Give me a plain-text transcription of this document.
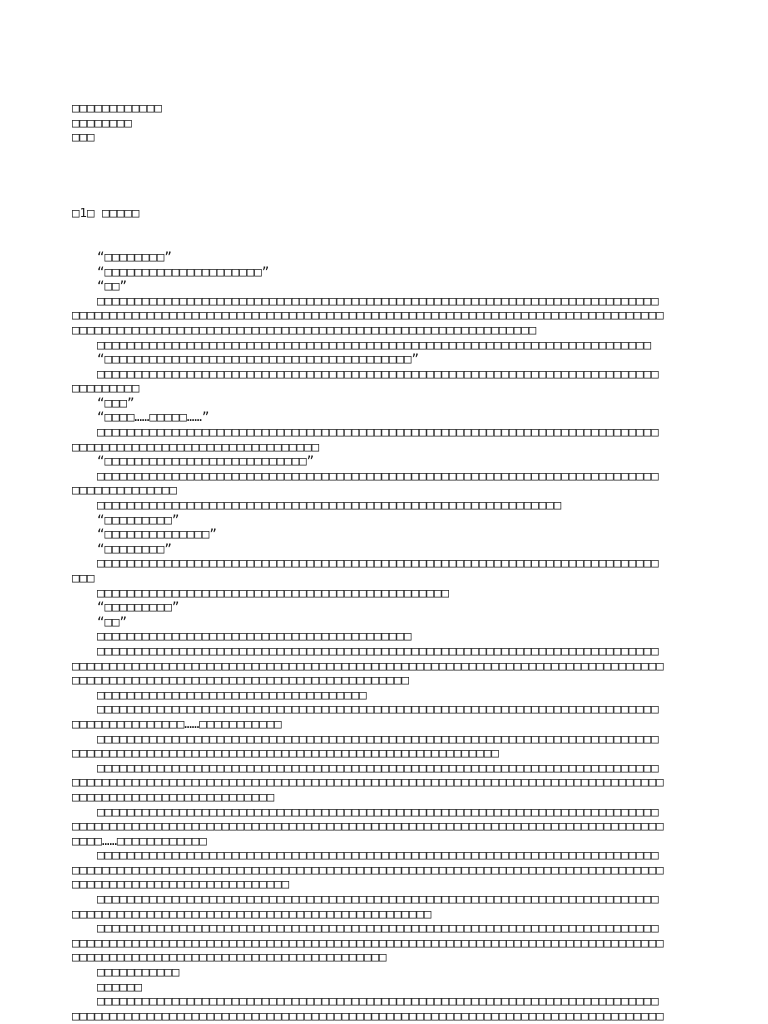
□□□□□□□□□□□□
□□□□□□□□
□□□

□1□ □□□□□

“□□□□□□□□”
“□□□□□□□□□□□□□□□□□□□□□”
“□□”
□□□□□□□□□□□□□□□□□□□□□□□□□□□□□□□□□□□□□□□□□□□□□□□□□□□□□□□□□□□□□□□□□□□□□□□□□□□
□□□□□□□□□□□□□□□□□□□□□□□□□□□□□□□□□□□□□□□□□□□□□□□□□□□□□□□□□□□□□□□□□□□□□□□□□□□□□□□
□□□□□□□□□□□□□□□□□□□□□□□□□□□□□□□□□□□□□□□□□□□□□□□□□□□□□□□□□□□□□□
□□□□□□□□□□□□□□□□□□□□□□□□□□□□□□□□□□□□□□□□□□□□□□□□□□□□□□□□□□□□□□□□□□□□□□□□□□
“□□□□□□□□□□□□□□□□□□□□□□□□□□□□□□□□□□□□□□□□□”
□□□□□□□□□□□□□□□□□□□□□□□□□□□□□□□□□□□□□□□□□□□□□□□□□□□□□□□□□□□□□□□□□□□□□□□□□□□
□□□□□□□□□
“□□□”
“□□□□……□□□□□……”
□□□□□□□□□□□□□□□□□□□□□□□□□□□□□□□□□□□□□□□□□□□□□□□□□□□□□□□□□□□□□□□□□□□□□□□□□□□
□□□□□□□□□□□□□□□□□□□□□□□□□□□□□□□□□
“□□□□□□□□□□□□□□□□□□□□□□□□□□□”
□□□□□□□□□□□□□□□□□□□□□□□□□□□□□□□□□□□□□□□□□□□□□□□□□□□□□□□□□□□□□□□□□□□□□□□□□□□
□□□□□□□□□□□□□□
□□□□□□□□□□□□□□□□□□□□□□□□□□□□□□□□□□□□□□□□□□□□□□□□□□□□□□□□□□□□□□
“□□□□□□□□□”
“□□□□□□□□□□□□□□”
“□□□□□□□□”
□□□□□□□□□□□□□□□□□□□□□□□□□□□□□□□□□□□□□□□□□□□□□□□□□□□□□□□□□□□□□□□□□□□□□□□□□□□
□□□
□□□□□□□□□□□□□□□□□□□□□□□□□□□□□□□□□□□□□□□□□□□□□□□
“□□□□□□□□□”
“□□”
□□□□□□□□□□□□□□□□□□□□□□□□□□□□□□□□□□□□□□□□□□
□□□□□□□□□□□□□□□□□□□□□□□□□□□□□□□□□□□□□□□□□□□□□□□□□□□□□□□□□□□□□□□□□□□□□□□□□□□
□□□□□□□□□□□□□□□□□□□□□□□□□□□□□□□□□□□□□□□□□□□□□□□□□□□□□□□□□□□□□□□□□□□□□□□□□□□□□□□
□□□□□□□□□□□□□□□□□□□□□□□□□□□□□□□□□□□□□□□□□□□□□
□□□□□□□□□□□□□□□□□□□□□□□□□□□□□□□□□□□□
□□□□□□□□□□□□□□□□□□□□□□□□□□□□□□□□□□□□□□□□□□□□□□□□□□□□□□□□□□□□□□□□□□□□□□□□□□□
□□□□□□□□□□□□□□□……□□□□□□□□□□□
□□□□□□□□□□□□□□□□□□□□□□□□□□□□□□□□□□□□□□□□□□□□□□□□□□□□□□□□□□□□□□□□□□□□□□□□□□□
□□□□□□□□□□□□□□□□□□□□□□□□□□□□□□□□□□□□□□□□□□□□□□□□□□□□□□□□□
□□□□□□□□□□□□□□□□□□□□□□□□□□□□□□□□□□□□□□□□□□□□□□□□□□□□□□□□□□□□□□□□□□□□□□□□□□□
□□□□□□□□□□□□□□□□□□□□□□□□□□□□□□□□□□□□□□□□□□□□□□□□□□□□□□□□□□□□□□□□□□□□□□□□□□□□□□□
□□□□□□□□□□□□□□□□□□□□□□□□□□□
□□□□□□□□□□□□□□□□□□□□□□□□□□□□□□□□□□□□□□□□□□□□□□□□□□□□□□□□□□□□□□□□□□□□□□□□□□□
□□□□□□□□□□□□□□□□□□□□□□□□□□□□□□□□□□□□□□□□□□□□□□□□□□□□□□□□□□□□□□□□□□□□□□□□□□□□□□□
□□□□……□□□□□□□□□□□□
□□□□□□□□□□□□□□□□□□□□□□□□□□□□□□□□□□□□□□□□□□□□□□□□□□□□□□□□□□□□□□□□□□□□□□□□□□□
□□□□□□□□□□□□□□□□□□□□□□□□□□□□□□□□□□□□□□□□□□□□□□□□□□□□□□□□□□□□□□□□□□□□□□□□□□□□□□□
□□□□□□□□□□□□□□□□□□□□□□□□□□□□□
□□□□□□□□□□□□□□□□□□□□□□□□□□□□□□□□□□□□□□□□□□□□□□□□□□□□□□□□□□□□□□□□□□□□□□□□□□□
□□□□□□□□□□□□□□□□□□□□□□□□□□□□□□□□□□□□□□□□□□□□□□□□
□□□□□□□□□□□□□□□□□□□□□□□□□□□□□□□□□□□□□□□□□□□□□□□□□□□□□□□□□□□□□□□□□□□□□□□□□□□
□□□□□□□□□□□□□□□□□□□□□□□□□□□□□□□□□□□□□□□□□□□□□□□□□□□□□□□□□□□□□□□□□□□□□□□□□□□□□□□
□□□□□□□□□□□□□□□□□□□□□□□□□□□□□□□□□□□□□□□□□□
□□□□□□□□□□□
□□□□□□
□□□□□□□□□□□□□□□□□□□□□□□□□□□□□□□□□□□□□□□□□□□□□□□□□□□□□□□□□□□□□□□□□□□□□□□□□□□
□□□□□□□□□□□□□□□□□□□□□□□□□□□□□□□□□□□□□□□□□□□□□□□□□□□□□□□□□□□□□□□□□□□□□□□□□□□□□□□
